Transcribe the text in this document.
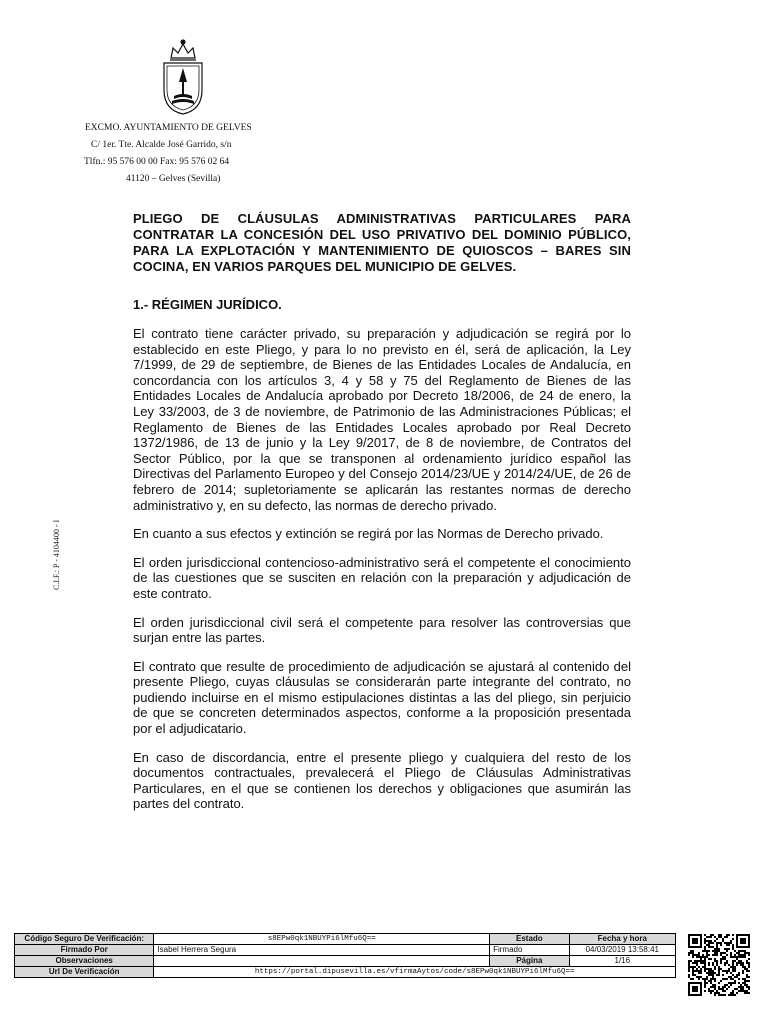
EXCMO. AYUNTAMIENTO DE GELVES
C/ 1er. Tte. Alcalde José Garrido, s/n
Tlfn.: 95 576 00 00 Fax: 95 576 02 64
41120 – Gelves (Sevilla)
C.I.F.: P - 4104400 - I

PLIEGO DE CLÁUSULAS ADMINISTRATIVAS PARTICULARES PARA CONTRATAR LA CONCESIÓN DEL USO PRIVATIVO DEL DOMINIO PÚBLICO, PARA LA EXPLOTACIÓN Y MANTENIMIENTO DE QUIOSCOS – BARES SIN COCINA, EN VARIOS PARQUES DEL MUNICIPIO DE GELVES.

1.- RÉGIMEN JURÍDICO.

El contrato tiene carácter privado, su preparación y adjudicación se regirá por lo establecido en este Pliego, y para lo no previsto en él, será de aplicación, la Ley 7/1999, de 29 de septiembre, de Bienes de las Entidades Locales de Andalucía, en concordancia con los artículos 3, 4 y 58 y 75 del Reglamento de Bienes de las Entidades Locales de Andalucía aprobado por Decreto 18/2006, de 24 de enero, la Ley 33/2003, de 3 de noviembre, de Patrimonio de las Administraciones Públicas; el Reglamento de Bienes de las Entidades Locales aprobado por Real Decreto 1372/1986, de 13 de junio y la Ley 9/2017, de 8 de noviembre, de Contratos del Sector Público, por la que se transponen al ordenamiento jurídico español las Directivas del Parlamento Europeo y del Consejo 2014/23/UE y 2014/24/UE, de 26 de febrero de 2014; supletoriamente se aplicarán las restantes normas de derecho administrativo y, en su defecto, las normas de derecho privado.

En cuanto a sus efectos y extinción se regirá por las Normas de Derecho privado.

El orden jurisdiccional contencioso-administrativo será el competente el conocimiento de las cuestiones que se susciten en relación con la preparación y adjudicación de este contrato.

El orden jurisdiccional civil será el competente para resolver las controversias que surjan entre las partes.

El contrato que resulte de procedimiento de adjudicación se ajustará al contenido del presente Pliego, cuyas cláusulas se considerarán parte integrante del contrato, no pudiendo incluirse en el mismo estipulaciones distintas a las del pliego, sin perjuicio de que se concreten determinados aspectos, conforme a la proposición presentada por el adjudicatario.

En caso de discordancia, entre el presente pliego y cualquiera del resto de los documentos contractuales, prevalecerá el Pliego de Cláusulas Administrativas Particulares, en el que se contienen los derechos y obligaciones que asumirán las partes del contrato.

Código Seguro De Verificación:	s8EPw0qk1NBUYPi6lMfu6Q==	Estado	Fecha y hora
Firmado Por	Isabel Herrera Segura	Firmado	04/03/2019 13:58:41
Observaciones		Página	1/16
Url De Verificación	https://portal.dipusevilla.es/vfirmaAytos/code/s8EPw0qk1NBUYPi6lMfu6Q==		
